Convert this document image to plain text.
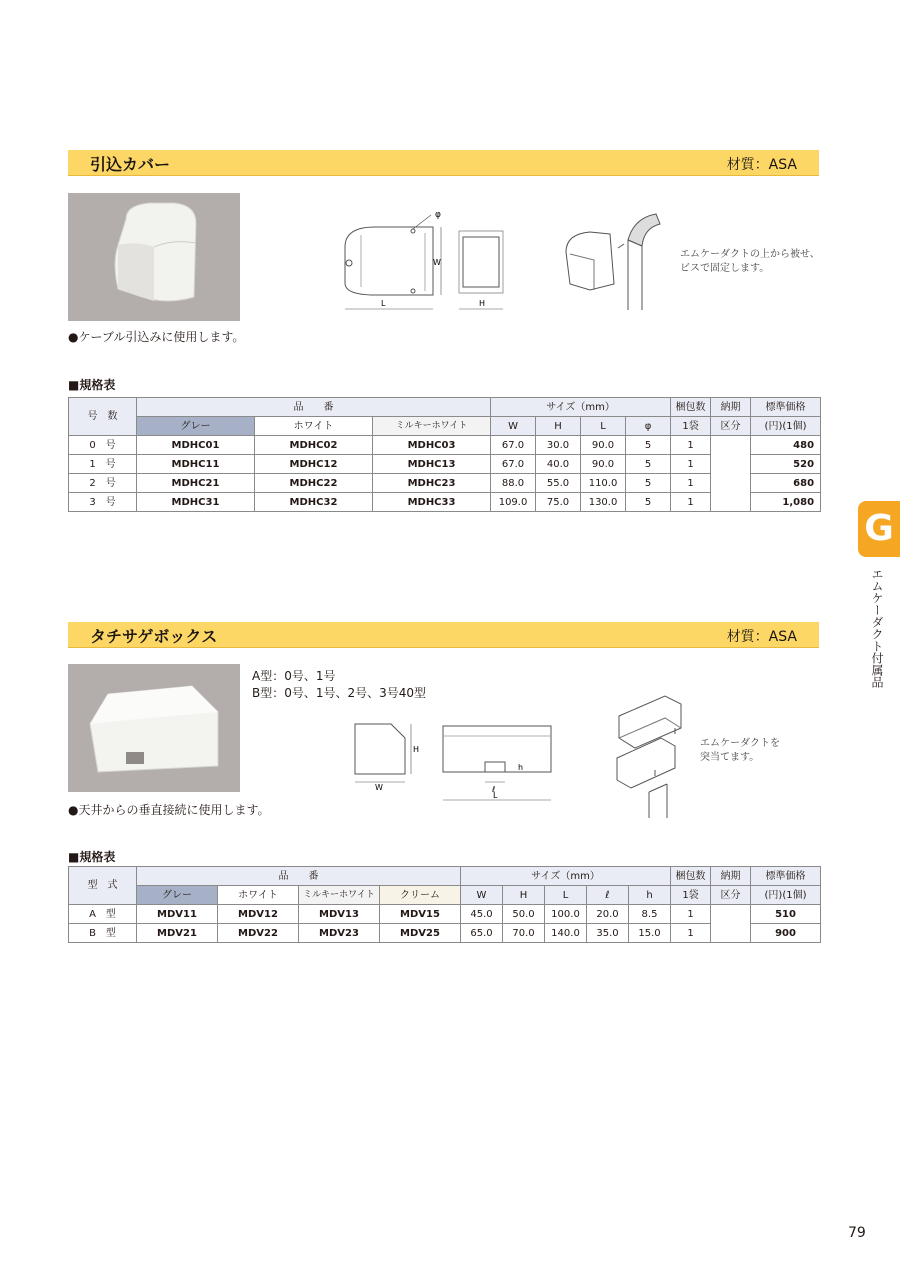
引込カバー	材質：ASA
●ケーブル引込みに使用します。
φ
W
L	H
エムケーダクトの上から被せ、
ビスで固定します。
■規格表
号　数	品　　番			サイズ（mm）				梱包数	納期	標準価格
	グレー	ホワイト	ミルキーホワイト	W	H	L	φ	1袋	区分	(円)(1個)
0　号	MDHC01	MDHC02	MDHC03	67.0	30.0	90.0	5	1		480
1　号	MDHC11	MDHC12	MDHC13	67.0	40.0	90.0	5	1		520
2　号	MDHC21	MDHC22	MDHC23	88.0	55.0	110.0	5	1		680
3　号	MDHC31	MDHC32	MDHC33	109.0	75.0	130.0	5	1		1,080
タチサゲボックス	材質：ASA
A型：0号、1号
B型：0号、1号、2号、3号40型
●天井からの垂直接続に使用します。
H
W
h
ℓ
L
エムケーダクトを
突当てます。
■規格表
型　式	品　　番				サイズ（mm）					梱包数	納期	標準価格
	グレー	ホワイト	ミルキーホワイト	クリーム	W	H	L	ℓ	h	1袋	区分	(円)(1個)
A　型	MDV11	MDV12	MDV13	MDV15	45.0	50.0	100.0	20.0	8.5	1		510
B　型	MDV21	MDV22	MDV23	MDV25	65.0	70.0	140.0	35.0	15.0	1		900
G
エムケーダクト付属品
79
